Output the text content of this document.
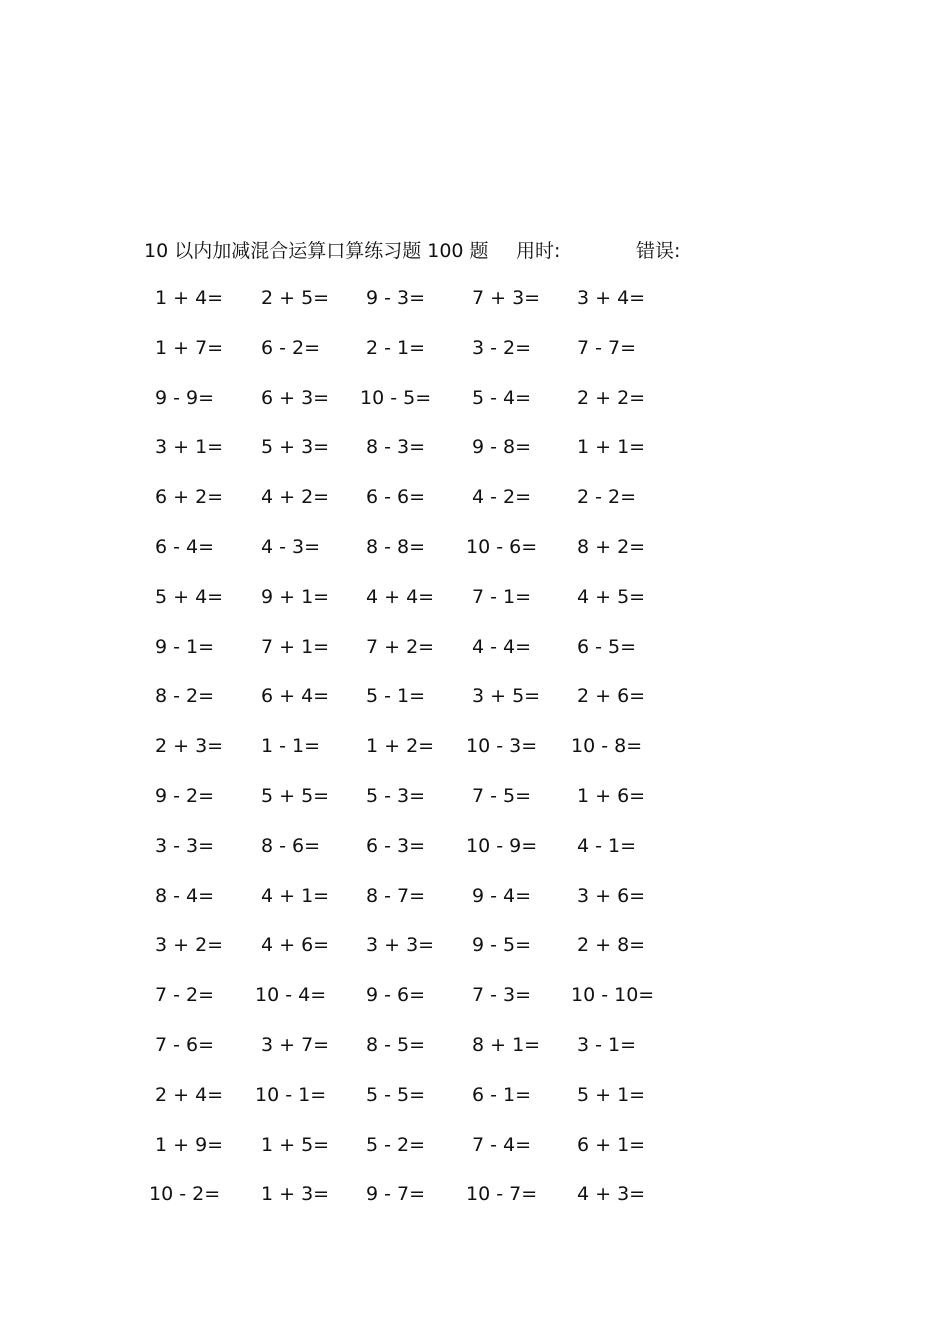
10 以内加减混合运算口算练习题 100 题 用时:	错误:
1 + 4= 2 + 5= 9 - 3= 7 + 3= 3 + 4=
1 + 7= 6 - 2= 2 - 1= 3 - 2= 7 - 7=
9 - 9= 6 + 3= 10 - 5= 5 - 4= 2 + 2=
3 + 1= 5 + 3= 8 - 3= 9 - 8= 1 + 1=
6 + 2= 4 + 2= 6 - 6= 4 - 2= 2 - 2=
6 - 4= 4 - 3= 8 - 8= 10 - 6= 8 + 2=
5 + 4= 9 + 1= 4 + 4= 7 - 1= 4 + 5=
9 - 1= 7 + 1= 7 + 2= 4 - 4= 6 - 5=
8 - 2= 6 + 4= 5 - 1= 3 + 5= 2 + 6=
2 + 3= 1 - 1= 1 + 2= 10 - 3= 10 - 8=
9 - 2= 5 + 5= 5 - 3= 7 - 5= 1 + 6=
3 - 3= 8 - 6= 6 - 3= 10 - 9= 4 - 1=
8 - 4= 4 + 1= 8 - 7= 9 - 4= 3 + 6=
3 + 2= 4 + 6= 3 + 3= 9 - 5= 2 + 8=
7 - 2= 10 - 4= 9 - 6= 7 - 3= 10 - 10=
7 - 6= 3 + 7= 8 - 5= 8 + 1= 3 - 1=
2 + 4= 10 - 1= 5 - 5= 6 - 1= 5 + 1=
1 + 9= 1 + 5= 5 - 2= 7 - 4= 6 + 1=
10 - 2= 1 + 3= 9 - 7= 10 - 7= 4 + 3=
